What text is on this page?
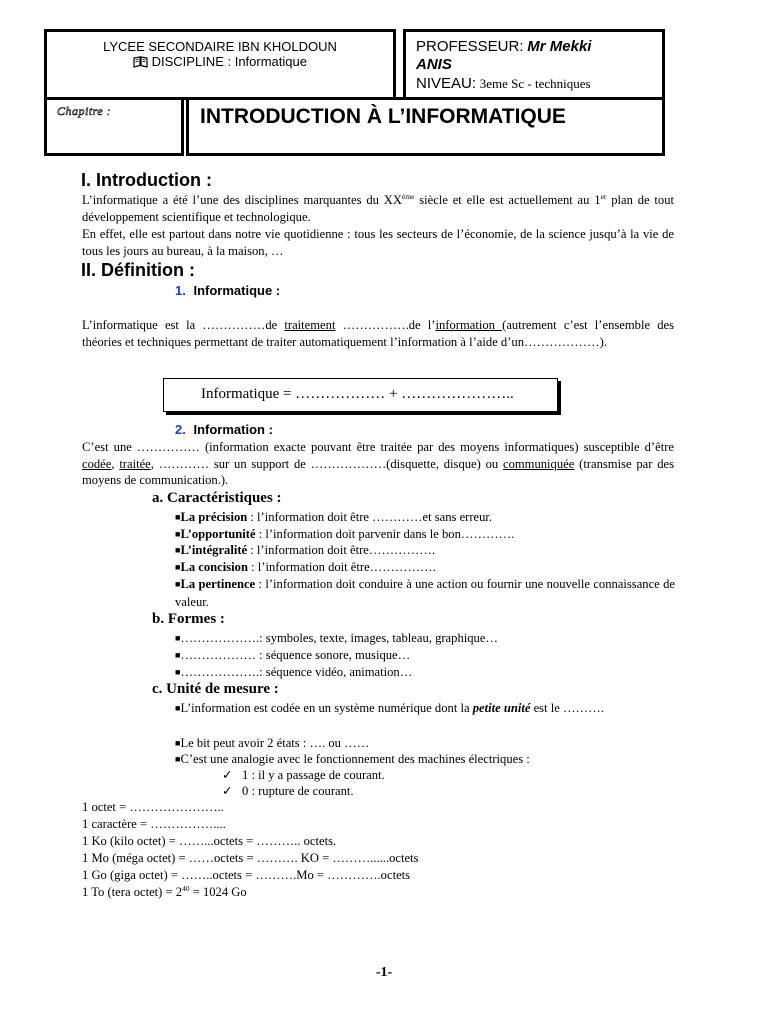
LYCEE SECONDAIRE IBN KHOLDOUN
DISCIPLINE : Informatique
PROFESSEUR: Mr Mekki
ANIS
NIVEAU: 3eme Sc - techniques
Chapitre :	INTRODUCTION À L’INFORMATIQUE
I. Introduction :

L’informatique a été l’une des disciplines marquantes du XXème siècle et elle est actuellement au 1er plan de tout développement scientifique et technologique.

En effet, elle est partout dans notre vie quotidienne : tous les secteurs de l’économie, de la science jusqu’à la vie de tous les jours au bureau, à la maison, …

II. Définition :
1. Informatique :

L’informatique est la ……………de traitement …………….de l’information (autrement c’est l’ensemble des théories et techniques permettant de traiter automatiquement l’information à l’aide d’un………………).

Informatique = ……………… + …………………..
2. Information :

C’est une …………… (information exacte pouvant être traitée par des moyens informatiques) susceptible d’être codée, traitée, ………… sur un support de ………………(disquette, disque) ou communiquée (transmise par des moyens de communication.).

a. Caractéristiques :

■La précision : l’information doit être …………et sans erreur.

■L’opportunité : l’information doit parvenir dans le bon………….

■L’intégralité : l’information doit être…………….

■La concision : l’information doit être…………….

■La pertinence : l’information doit conduire à une action ou fournir une nouvelle connaissance de valeur.

b. Formes :

■……………….: symboles, texte, images, tableau, graphique…

■……………… : séquence sonore, musique…

■……………….: séquence vidéo, animation…

c. Unité de mesure :

■L’information est codée en un système numérique dont la petite unité est le ……….

■Le bit peut avoir 2 états : …. ou ……

■C’est une analogie avec le fonctionnement des machines électriques :

✓ 1 : il y a passage de courant.
✓ 0 : rupture de courant.
1 octet = …………………..
1 caractère = ……………....
1 Ko (kilo octet) = ……...octets = ……….. octets.
1 Mo (méga octet) = ……octets = ………. KO = ………......octets
1 Go (giga octet) = ……..octets = ……….Mo = ………….octets
1 To (tera octet) = $2^{40} = 1024$ Go
-1-
